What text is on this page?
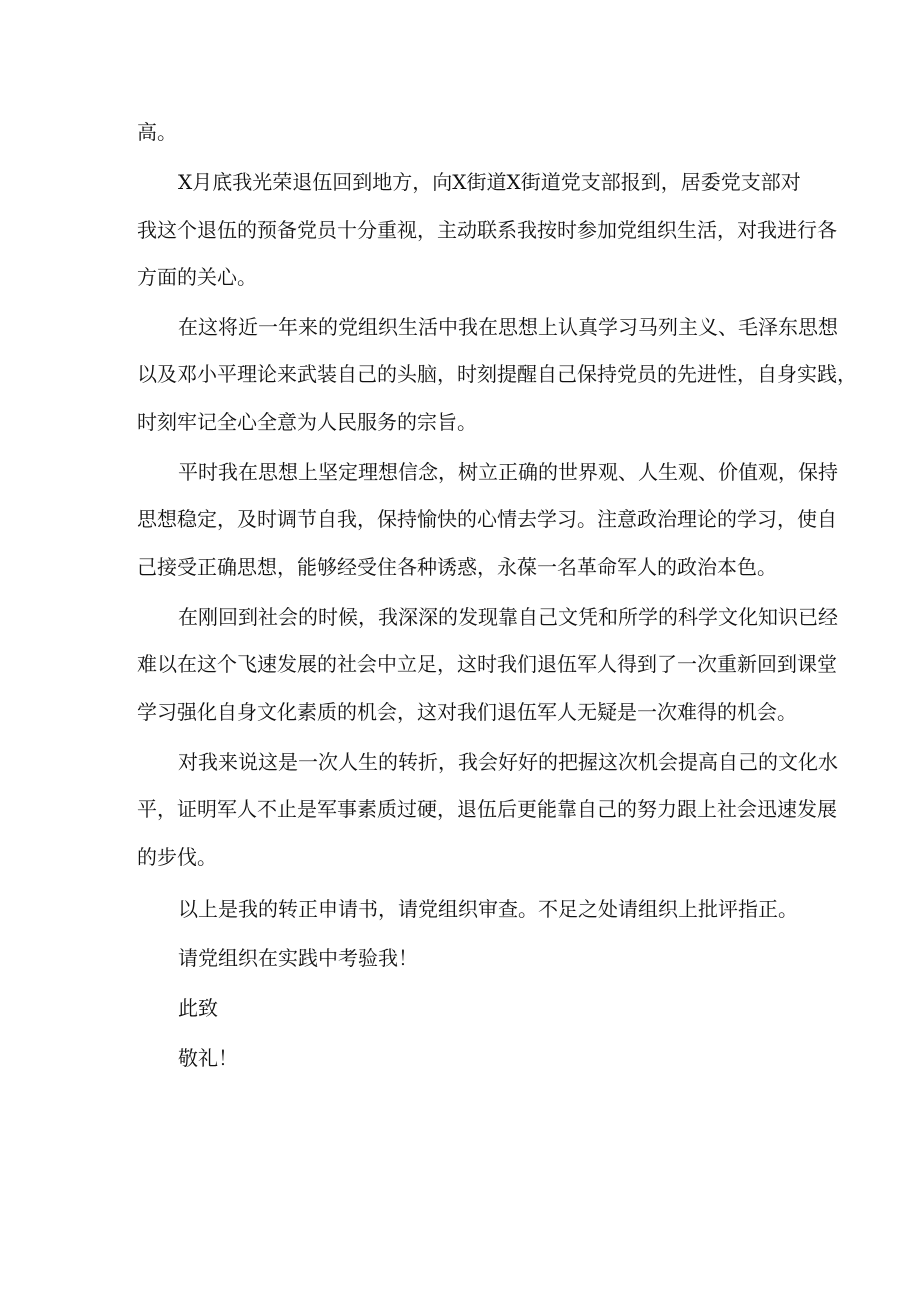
高。

X月底我光荣退伍回到地方，向X街道X街道党支部报到，居委党支部对

我这个退伍的预备党员十分重视，主动联系我按时参加党组织生活，对我进行各

方面的关心。

在这将近一年来的党组织生活中我在思想上认真学习马列主义、毛泽东思想

以及邓小平理论来武装自己的头脑，时刻提醒自己保持党员的先进性，自身实践，

时刻牢记全心全意为人民服务的宗旨。

平时我在思想上坚定理想信念，树立正确的世界观、人生观、价值观，保持

思想稳定，及时调节自我，保持愉快的心情去学习。注意政治理论的学习，使自

己接受正确思想，能够经受住各种诱惑，永葆一名革命军人的政治本色。

在刚回到社会的时候，我深深的发现靠自己文凭和所学的科学文化知识已经

难以在这个飞速发展的社会中立足，这时我们退伍军人得到了一次重新回到课堂

学习强化自身文化素质的机会，这对我们退伍军人无疑是一次难得的机会。

对我来说这是一次人生的转折，我会好好的把握这次机会提高自己的文化水

平，证明军人不止是军事素质过硬，退伍后更能靠自己的努力跟上社会迅速发展

的步伐。

以上是我的转正申请书，请党组织审查。不足之处请组织上批评指正。

请党组织在实践中考验我！

此致

敬礼！
